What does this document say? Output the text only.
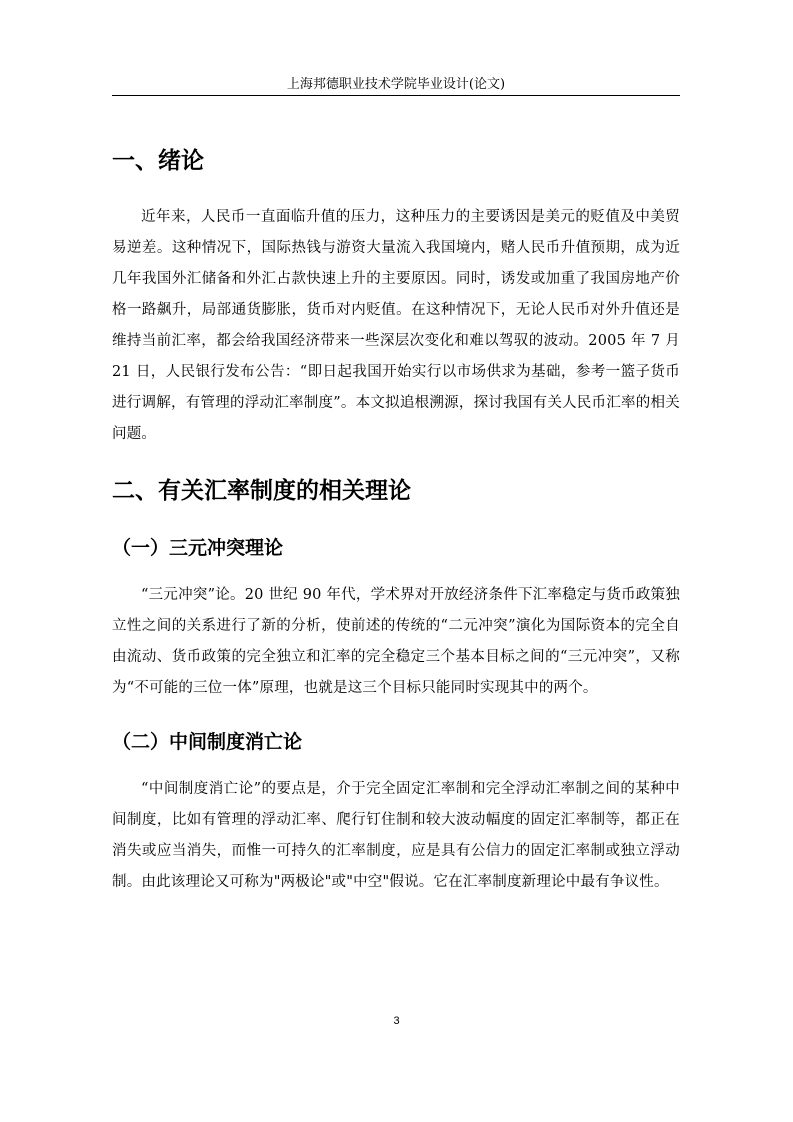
上海邦德职业技术学院毕业设计(论文)
一、绪论

近年来，人民币一直面临升值的压力，这种压力的主要诱因是美元的贬值及中美贸易逆差。这种情况下，国际热钱与游资大量流入我国境内，赌人民币升值预期，成为近几年我国外汇储备和外汇占款快速上升的主要原因。同时，诱发或加重了我国房地产价格一路飙升，局部通货膨胀，货币对内贬值。在这种情况下，无论人民币对外升值还是维持当前汇率，都会给我国经济带来一些深层次变化和难以驾驭的波动。2005 年 7 月 21 日，人民银行发布公告：“即日起我国开始实行以市场供求为基础，参考一篮子货币进行调解，有管理的浮动汇率制度”。本文拟追根溯源，探讨我国有关人民币汇率的相关问题。

二、有关汇率制度的相关理论
（一）三元冲突理论

“三元冲突”论。20 世纪 90 年代，学术界对开放经济条件下汇率稳定与货币政策独立性之间的关系进行了新的分析，使前述的传统的“二元冲突”演化为国际资本的完全自由流动、货币政策的完全独立和汇率的完全稳定三个基本目标之间的“三元冲突”，又称为“不可能的三位一体”原理，也就是这三个目标只能同时实现其中的两个。

（二）中间制度消亡论

“中间制度消亡论”的要点是，介于完全固定汇率制和完全浮动汇率制之间的某种中间制度，比如有管理的浮动汇率、爬行钉住制和较大波动幅度的固定汇率制等，都正在消失或应当消失，而惟一可持久的汇率制度，应是具有公信力的固定汇率制或独立浮动制。由此该理论又可称为"两极论"或"中空"假说。它在汇率制度新理论中最有争议性。

3
